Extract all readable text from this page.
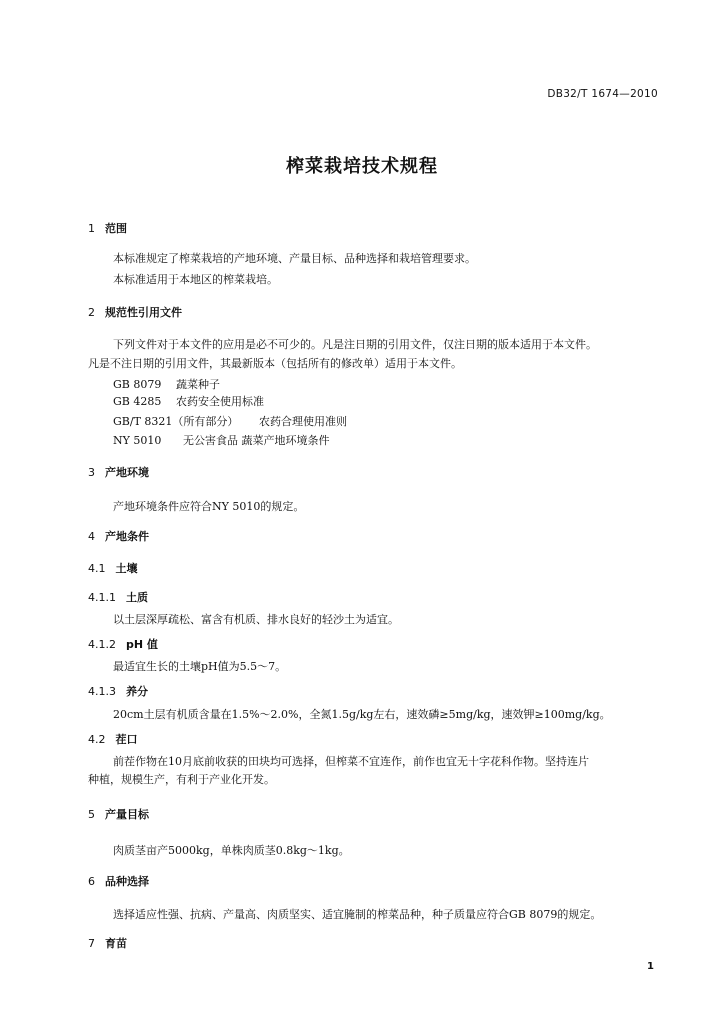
DB32/T 1674—2010
榨菜栽培技术规程
1 范围
本标准规定了榨菜栽培的产地环境、产量目标、品种选择和栽培管理要求。
本标准适用于本地区的榨菜栽培。
2 规范性引用文件
下列文件对于本文件的应用是必不可少的。凡是注日期的引用文件，仅注日期的版本适用于本文件。
凡是不注日期的引用文件，其最新版本（包括所有的修改单）适用于本文件。
GB 8079 蔬菜种子
GB 4285 农药安全使用标准
GB/T 8321（所有部分） 农药合理使用准则
NY 5010 无公害食品 蔬菜产地环境条件
3 产地环境
产地环境条件应符合NY 5010的规定。
4 产地条件
4.1 土壤
4.1.1 土质
以土层深厚疏松、富含有机质、排水良好的轻沙土为适宜。
4.1.2 pH 值
最适宜生长的土壤pH值为5.5～7。
4.1.3 养分
20cm土层有机质含量在1.5%～2.0%，全氮1.5g/kg左右，速效磷≥5mg/kg，速效钾≥100mg/kg。
4.2 茬口
前茬作物在10月底前收获的田块均可选择，但榨菜不宜连作，前作也宜无十字花科作物。坚持连片
种植，规模生产，有利于产业化开发。
5 产量目标
肉质茎亩产5000kg，单株肉质茎0.8kg～1kg。
6 品种选择
选择适应性强、抗病、产量高、肉质坚实、适宜腌制的榨菜品种，种子质量应符合GB 8079的规定。
7 育苗
1
